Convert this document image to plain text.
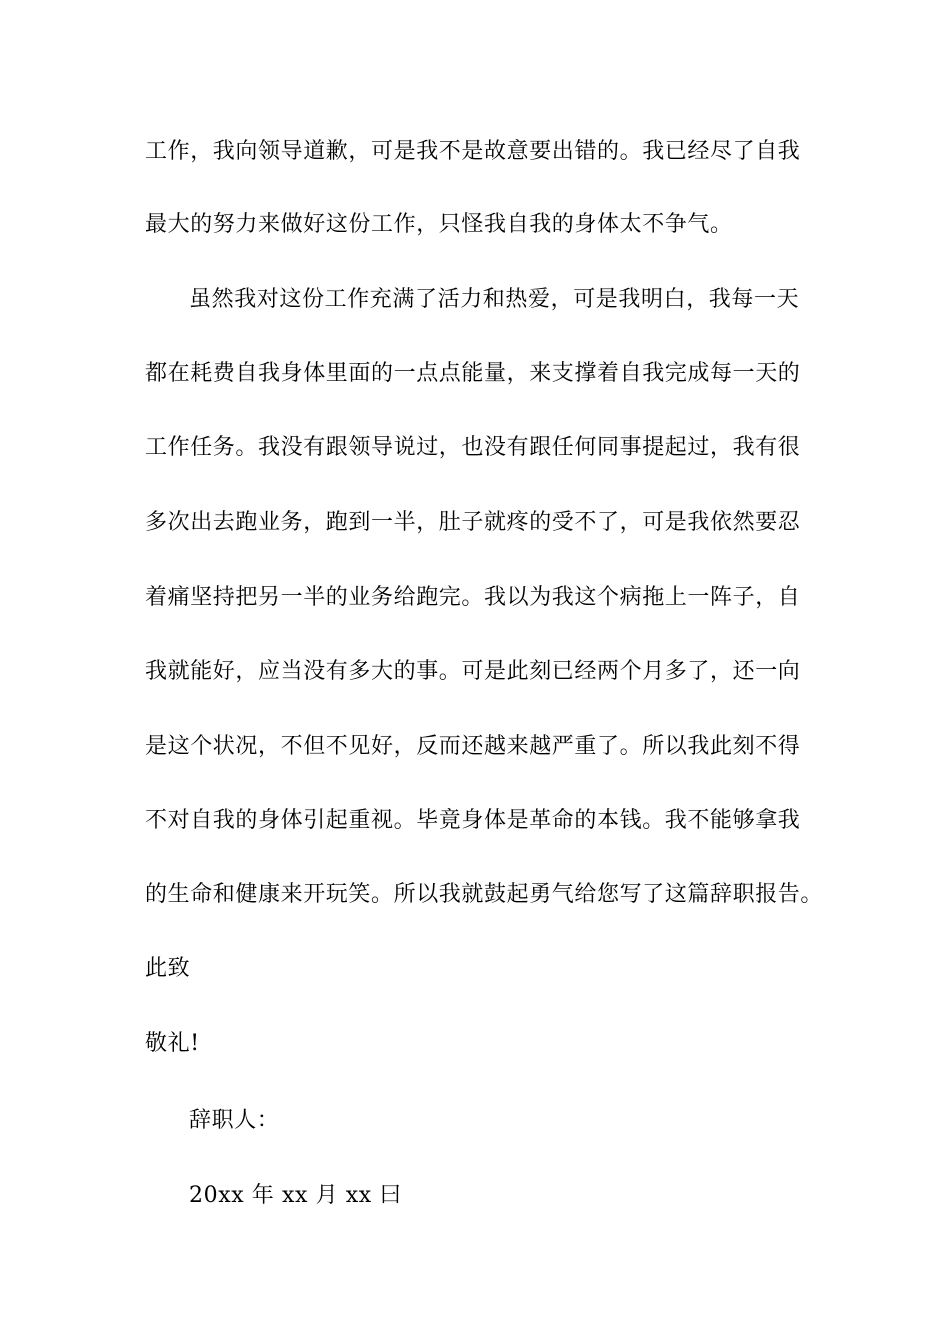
工作，我向领导道歉，可是我不是故意要出错的。我已经尽了自我
最大的努力来做好这份工作，只怪我自我的身体太不争气。
虽然我对这份工作充满了活力和热爱，可是我明白，我每一天
都在耗费自我身体里面的一点点能量，来支撑着自我完成每一天的
工作任务。我没有跟领导说过，也没有跟任何同事提起过，我有很
多次出去跑业务，跑到一半，肚子就疼的受不了，可是我依然要忍
着痛坚持把另一半的业务给跑完。我以为我这个病拖上一阵子，自
我就能好，应当没有多大的事。可是此刻已经两个月多了，还一向
是这个状况，不但不见好，反而还越来越严重了。所以我此刻不得
不对自我的身体引起重视。毕竟身体是革命的本钱。我不能够拿我
的生命和健康来开玩笑。所以我就鼓起勇气给您写了这篇辞职报告。
此致
敬礼!
辞职人：
20xx 年 xx 月 xx 曰
